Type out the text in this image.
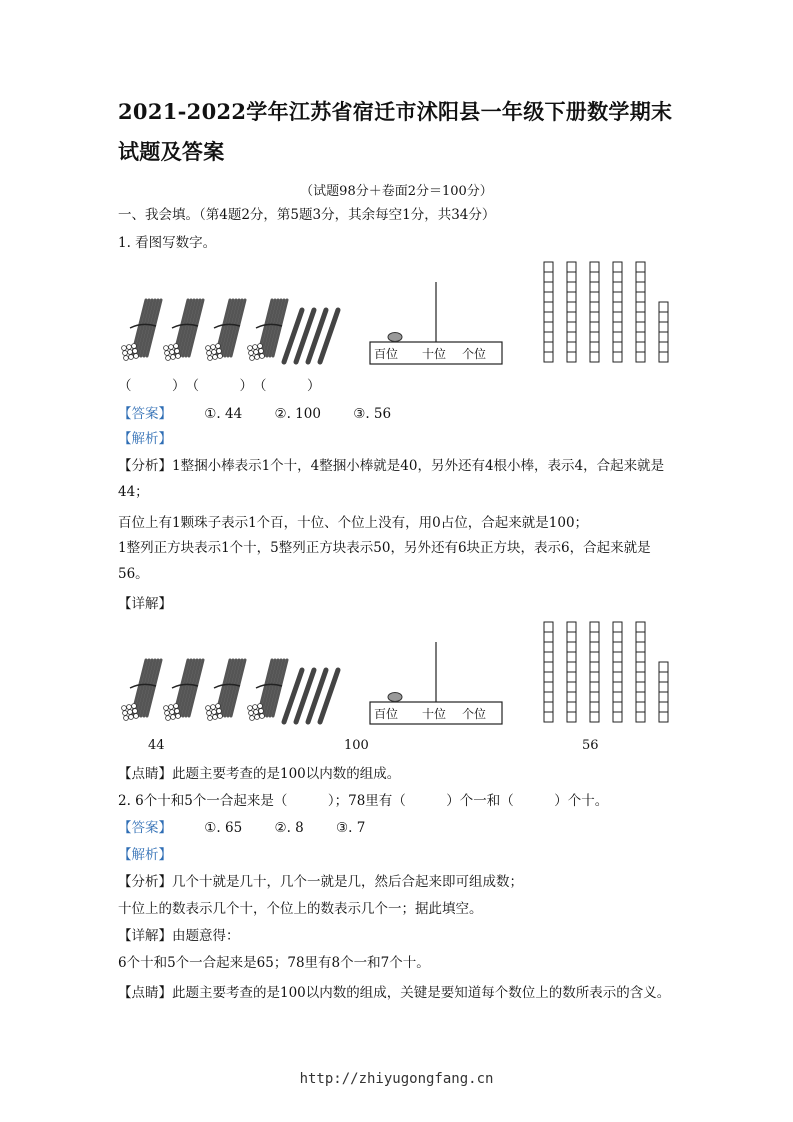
2021-2022学年江苏省宿迁市沭阳县一年级下册数学期末试题及答案
（试题98分＋卷面2分＝100分）
一、我会填。（第4题2分，第5题3分，其余每空1分，共34分）
1. 看图写数字。
百位 十位 个位
（　　　）　（　　　）　（　　　）
【答案】 ①. 44 ②. 100 ③. 56
【解析】
【分析】1整捆小棒表示1个十，4整捆小棒就是40，另外还有4根小棒，表示4，合起来就是44；
百位上有1颗珠子表示1个百，十位、个位上没有，用0占位，合起来就是100；
1整列正方块表示1个十，5整列正方块表示50，另外还有6块正方块，表示6，合起来就是56。
【详解】
百位 十位 个位
44	100	56
【点睛】此题主要考查的是100以内数的组成。
2. 6个十和5个一合起来是（　　　）；78里有（　　　）个一和（　　　）个十。
【答案】 ①. 65 ②. 8 ③. 7
【解析】
【分析】几个十就是几十，几个一就是几，然后合起来即可组成数；
十位上的数表示几个十，个位上的数表示几个一；据此填空。
【详解】由题意得：
6个十和5个一合起来是65；78里有8个一和7个十。
【点睛】此题主要考查的是100以内数的组成，关键是要知道每个数位上的数所表示的含义。
http://zhiyugongfang.cn
